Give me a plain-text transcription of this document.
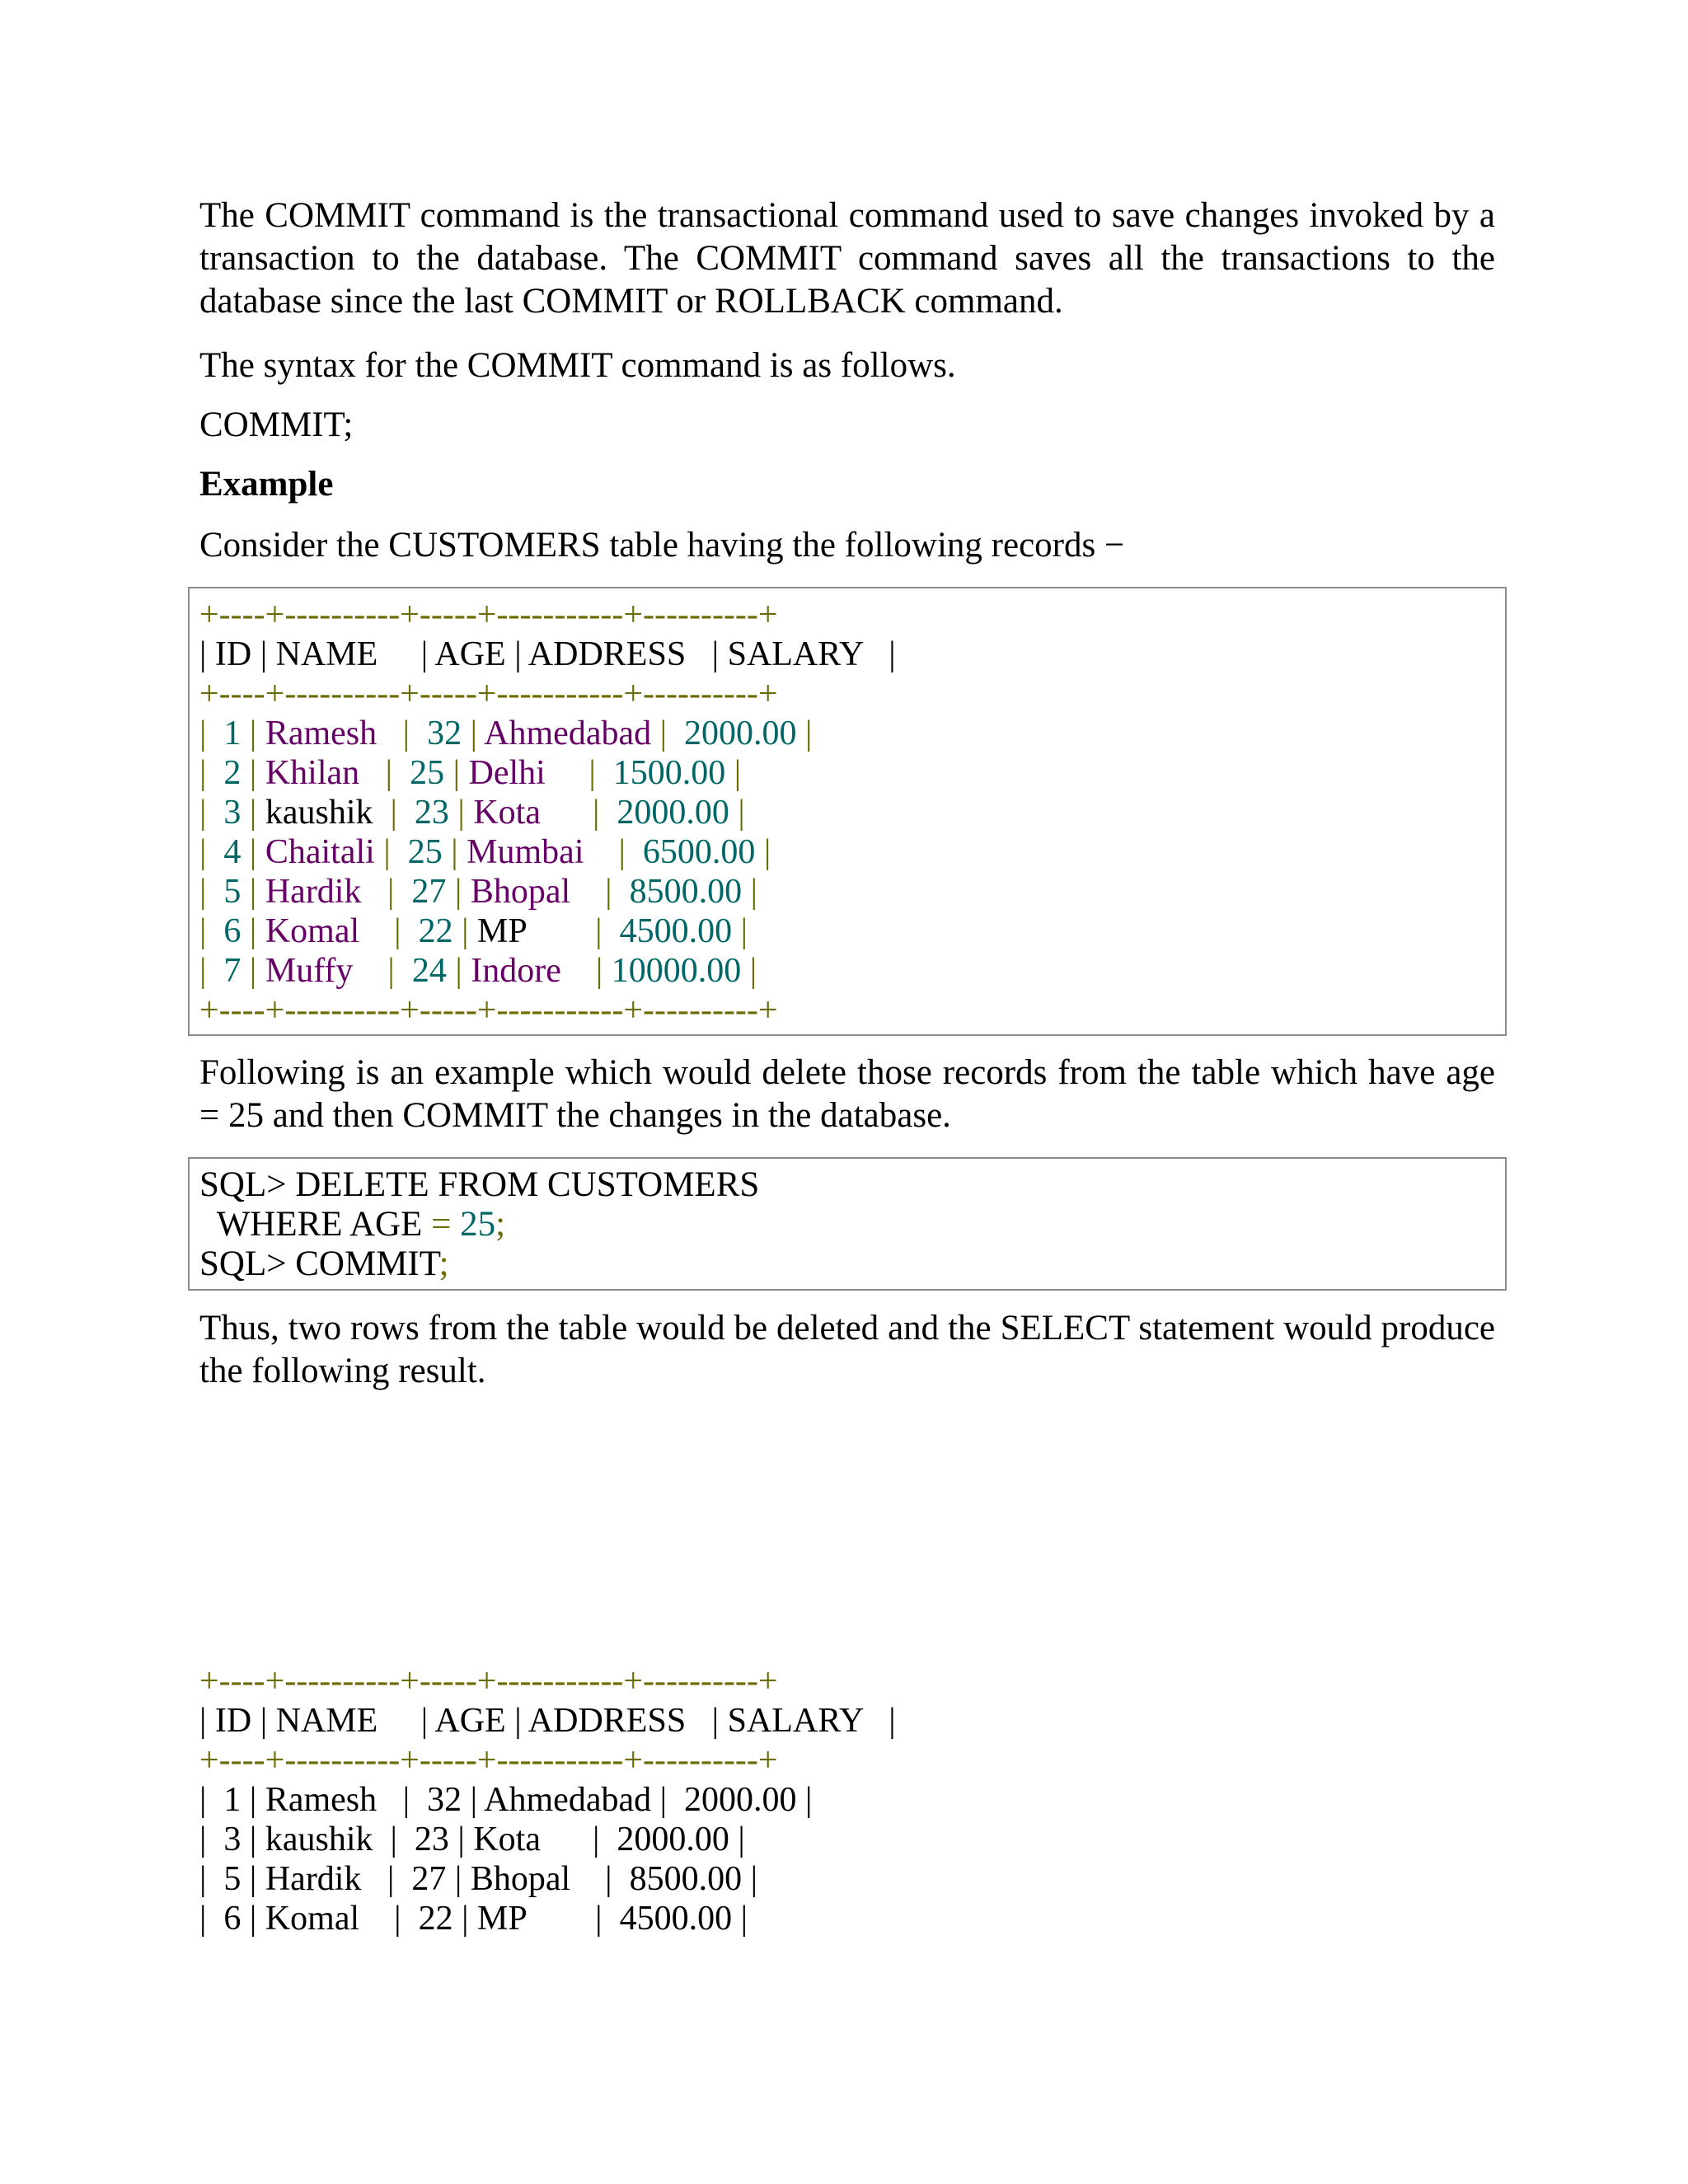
The COMMIT command is the transactional command used to save changes invoked by a transaction to the database. The COMMIT command saves all the transactions to the database since the last COMMIT or ROLLBACK command.

The syntax for the COMMIT command is as follows.

COMMIT;

Example

Consider the CUSTOMERS table having the following records −

+----+----------+-----+-----------+----------+
| ID | NAME     | AGE | ADDRESS   | SALARY   |
+----+----------+-----+-----------+----------+
|  1 | Ramesh   |  32 | Ahmedabad |  2000.00 |
|  2 | Khilan   |  25 | Delhi     |  1500.00 |
|  3 | kaushik  |  23 | Kota      |  2000.00 |
|  4 | Chaitali |  25 | Mumbai    |  6500.00 |
|  5 | Hardik   |  27 | Bhopal    |  8500.00 |
|  6 | Komal    |  22 | MP        |  4500.00 |
|  7 | Muffy    |  24 | Indore    | 10000.00 |
+----+----------+-----+-----------+----------+

Following is an example which would delete those records from the table which have age = 25 and then COMMIT the changes in the database.

SQL> DELETE FROM CUSTOMERS
WHERE AGE = 25;
SQL> COMMIT;

Thus, two rows from the table would be deleted and the SELECT statement would produce the following result.

+----+----------+-----+-----------+----------+
| ID | NAME     | AGE | ADDRESS   | SALARY   |
+----+----------+-----+-----------+----------+
|  1 | Ramesh   |  32 | Ahmedabad |  2000.00 |
|  3 | kaushik  |  23 | Kota      |  2000.00 |
|  5 | Hardik   |  27 | Bhopal    |  8500.00 |
|  6 | Komal    |  22 | MP        |  4500.00 |
